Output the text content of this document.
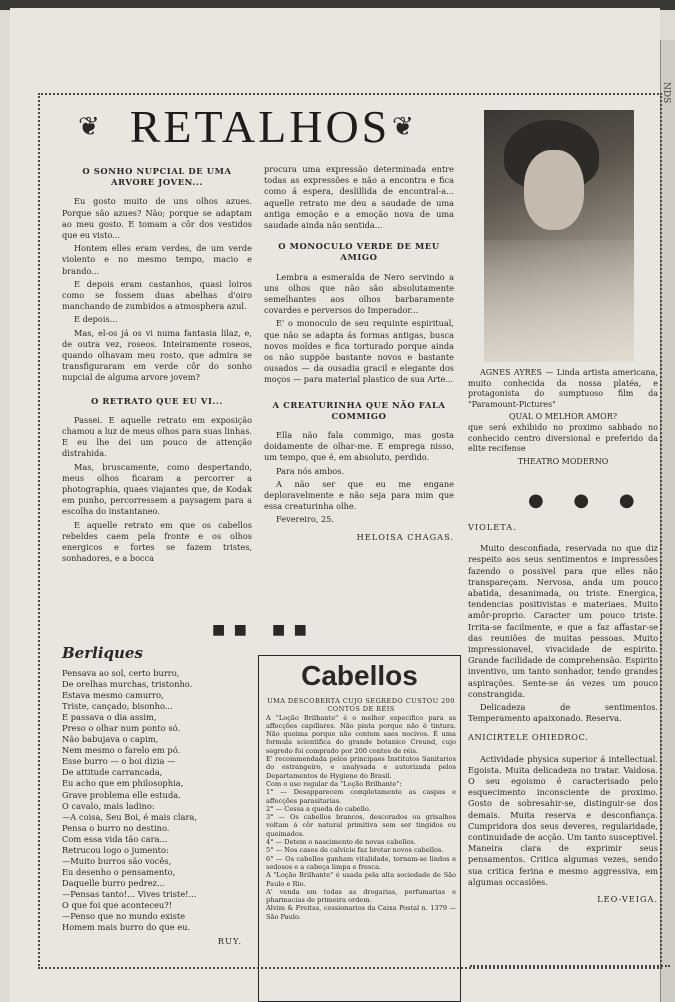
NDS
❦ RETALHOS ❦
O SONHO NUPCIAL DE UMA ARVORE JOVEN...

Eu gosto muito de uns olhos azues. Porque são azues? Não; porque se adaptam ao meu gosto. E tomam a côr dos vestidos que eu visto...

Hontem elles eram verdes, de um verde violento e no mesmo tempo, macio e brando...

E depois eram castanhos, quasi loiros como se fossem duas abelhas d'oiro manchando de zumbidos a atmosphera azul.

E depois...

Mas, el-os já os vi numa fantasia lilaz, e, de outra vez, roseos. Inteiramente roseos, quando olhavam meu rosto, que admira se transfiguraram em verde côr do sonho nupcial de alguma arvore jovem?

O RETRATO QUE EU VI...

Passei. E aquelle retrato em exposição chamou a luz de meus olhos para suas linhas. E eu lhe dei um pouco de attenção distrahida.

Mas, bruscamente, como despertando, meus olhos ficaram a percorrer a photographia, quaes viajantes que, de Kodak em punho, percorressem a paysagem para a escolha do instantaneo.

E aquelle retrato em que os cabellos rebeldes caem pela fronte e os olhos energicos e fortes se fazem tristes, sonhadores, e a bocca

■ ■ ■ ■

procura uma expressão determinada entre todas as expressões e não a encontra e fica como á espera, deslillida de encontral-a... aquelle retrato me deu a saudade de uma antiga emoção e a emoção nova de uma saudade ainda não sentida...

O MONOCULO VERDE DE MEU AMIGO

Lembra a esmeralda de Nero servindo a uns olhos que não são absolutamente semelhantes aos olhos barbaramente covardes e perversos do Imperador...

E' o monoculo de seu requinte espiritual, que não se adapta ás formas antigas, busca novos moldes e fica torturado porque ainda os não suppõe bastante novos e bastante ousados — da ousadia gracil e elegante dos moços — para material plastico de sua Arte...

A CREATURINHA QUE NÃO FALA COMMIGO

Ella não fala commigo, mas gosta doidamente de olhar-me. E emprega nisso, um tempo, que é, em absoluto, perdido.

Para nós ambos.

A não ser que eu me engane deploravelmente e não seja para mim que essa creaturinha olhe.

Fevereiro, 25.

HELOISA CHAGAS.

AGNES AYRES — Linda artista americana, muito conhecida da nossa platéa, e protagonista do sumptuoso film da "Paramount-Pictures"

QUAL O MELHOR AMOR?

que será exhibido no proximo sabbado no conhecido centro diversional e preferido da elite recifense

THEATRO MODERNO
● ● ●
VIOLETA.

Muito desconfiada, reservada no que diz respeito aos seus sentimentos e impressões fazendo o possivel para que elles não transpareçam. Nervosa, anda um pouco abatida, desanimada, ou triste. Energica, tendencias positivistas e materiaes. Muito amôr-proprio. Caracter um pouco triste. Irrita-se facilmente, e que a faz affastar-se das reuniões de muitas pessoas. Muito impressionavel, vivacidade de espirito. Grande facilidade de comprehensão. Espirito inventivo, um tanto sonhador, tendo grandes aspirações. Sente-se ás vezes um pouco constrangida.

Delicadeza de sentimentos. Temperamento apaixonado. Reserva.

ANICIRTELE OHIEDROC.

Actividade physica superior á intellectual. Egoista. Muita delicadeza no tratar. Vaidosa. O seu egoismo é caracterisado pelo esquecimento inconsciente de proximo. Gosto de sobresahir-se, distinguir-se dos demais. Muita reserva e desconfiança. Cumpridora dos seus deveres, regularidade, continuidade de acção. Um tanto susceptivel. Maneira clara de exprimir seus pensamentos. Critica algumas vezes, sendo sua critica ferina e mesmo aggressiva, em algumas occasiões.

LEO-VEIGA.
Berliques
Pensava ao sol, certo burro,
De orelhas murchas, tristonho.
Estava mesmo camurro,
Triste, cançado, bisonho...
E passava o dia assim,
Preso o olhar num ponto só.
Não babujava o capim,
Nem mesmo o farelo em pó.
Esse burro — o boi dizia —
De attitude carrancada,
Eu acho que em philosophia,
Grave problema elle estuda.
O cavalo, mais ladino:
—A coisa, Seu Boi, é mais clara,
Pensa o burro no destino.
Com essa vida tão cara...
Retrucou logo o jumento:
—Muito burros são vocês,
Eu desenho o pensamento,
Daquelle burro pedrez...
—Pensas tanto!... Vives triste!...
O que foi que aconteceu?!
—Penso que no mundo existe
Homem mais burro do que eu.
RUY.
Cabellos

UMA DESCOBERTA CUJO SEGREDO CUSTOU 200 CONTOS DE RÉIS

A "Loção Brilhante" é o melhor especifico para as affecções capillares. Não pinta porque não é tintura. Não queima porque não contem saes nocivos. É uma formula scientifica do grande botanico Creund, cujo segredo foi comprado por 200 contos de réis.

E' recommendada pelos principaes Institutos Sanitarios do estrangeiro, e analysada e autorizada pelos Departamentos de Hygiene do Brasil.

Com o uso regular da "Loção Brilhante":

1° — Desapparecem completamente as caspas e affecções parasitarias.

2° — Cessa a queda do cabello.

3° — Os cabellos brancos, descorados ou grisalhos voltam á côr natural primitiva sem ser tingidos ou queimados.

4° — Detem o nascimento de novas cabellos.

5° — Nos casos de calvicie faz brotar novos cabellos.

6° — Os cabellos ganham vitalidade, tornam-se lindos e sedosos e a cabeça limpa e fresca.

A "Loção Brilhante" é usada pela alta sociedade de São Paulo e Rio.

A' venda em todas as drogarias, perfumarias e pharmacias de primeira ordem.

Alvim & Freitas, cessionarios da Caixa Postal n. 1379 — São Paulo.
